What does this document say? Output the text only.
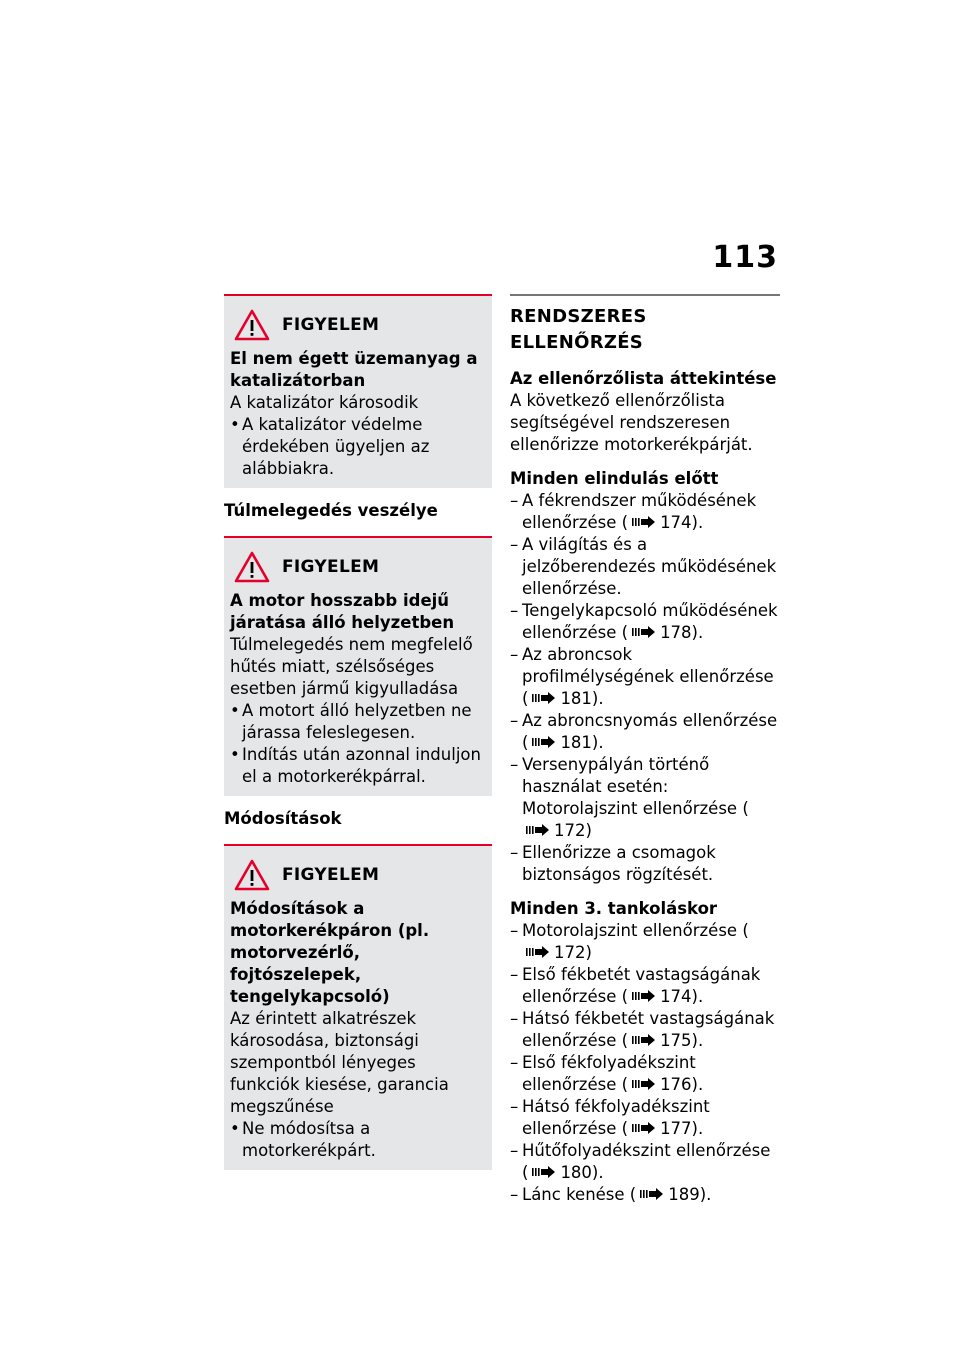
113
FIGYELEM
El nem égett üzemanyag a katalizátorban
A katalizátor károsodik
• A katalizátor védelme érdekében ügyeljen az alábbiakra.
Túlmelegedés veszélye
FIGYELEM
A motor hosszabb idejű járatása álló helyzetben
Túlmelegedés nem megfelelő hűtés miatt, szélsőséges esetben jármű kigyulladása
• A motort álló helyzetben ne járassa feleslegesen.
• Indítás után azonnal induljon el a motorkerékpárral.
Módosítások
FIGYELEM
Módosítások a motorkerékpáron (pl. motorvezérlő, fojtószelepek, tengelykapcsoló)
Az érintett alkatrészek károsodása, biztonsági szempontból lényeges funkciók kiesése, garancia megszűnése
• Ne módosítsa a motorkerékpárt.
RENDSZERES ELLENŐRZÉS
Az ellenőrzőlista áttekintése
A következő ellenőrzőlista segítségével rendszeresen ellenőrizze motorkerékpárját.
Minden elindulás előtt
– A fékrendszer működésének ellenőrzése ( 174).
– A világítás és a jelzőberendezés működésének ellenőrzése.
– Tengelykapcsoló működésének ellenőrzése ( 178).
– Az abroncsok profilmélységének ellenőrzése ( 181).
– Az abroncsnyomás ellenőrzése ( 181).
– Versenypályán történő használat esetén: Motorolajszint ellenőrzése (172)
– Ellenőrizze a csomagok biztonságos rögzítését.
Minden 3. tankoláskor
– Motorolajszint ellenőrzése (172)
– Első fékbetét vastagságának ellenőrzése ( 174).
– Hátsó fékbetét vastagságának ellenőrzése ( 175).
– Első fékfolyadékszint ellenőrzése ( 176).
– Hátsó fékfolyadékszint ellenőrzése ( 177).
– Hűtőfolyadékszint ellenőrzése ( 180).
– Lánc kenése ( 189).
